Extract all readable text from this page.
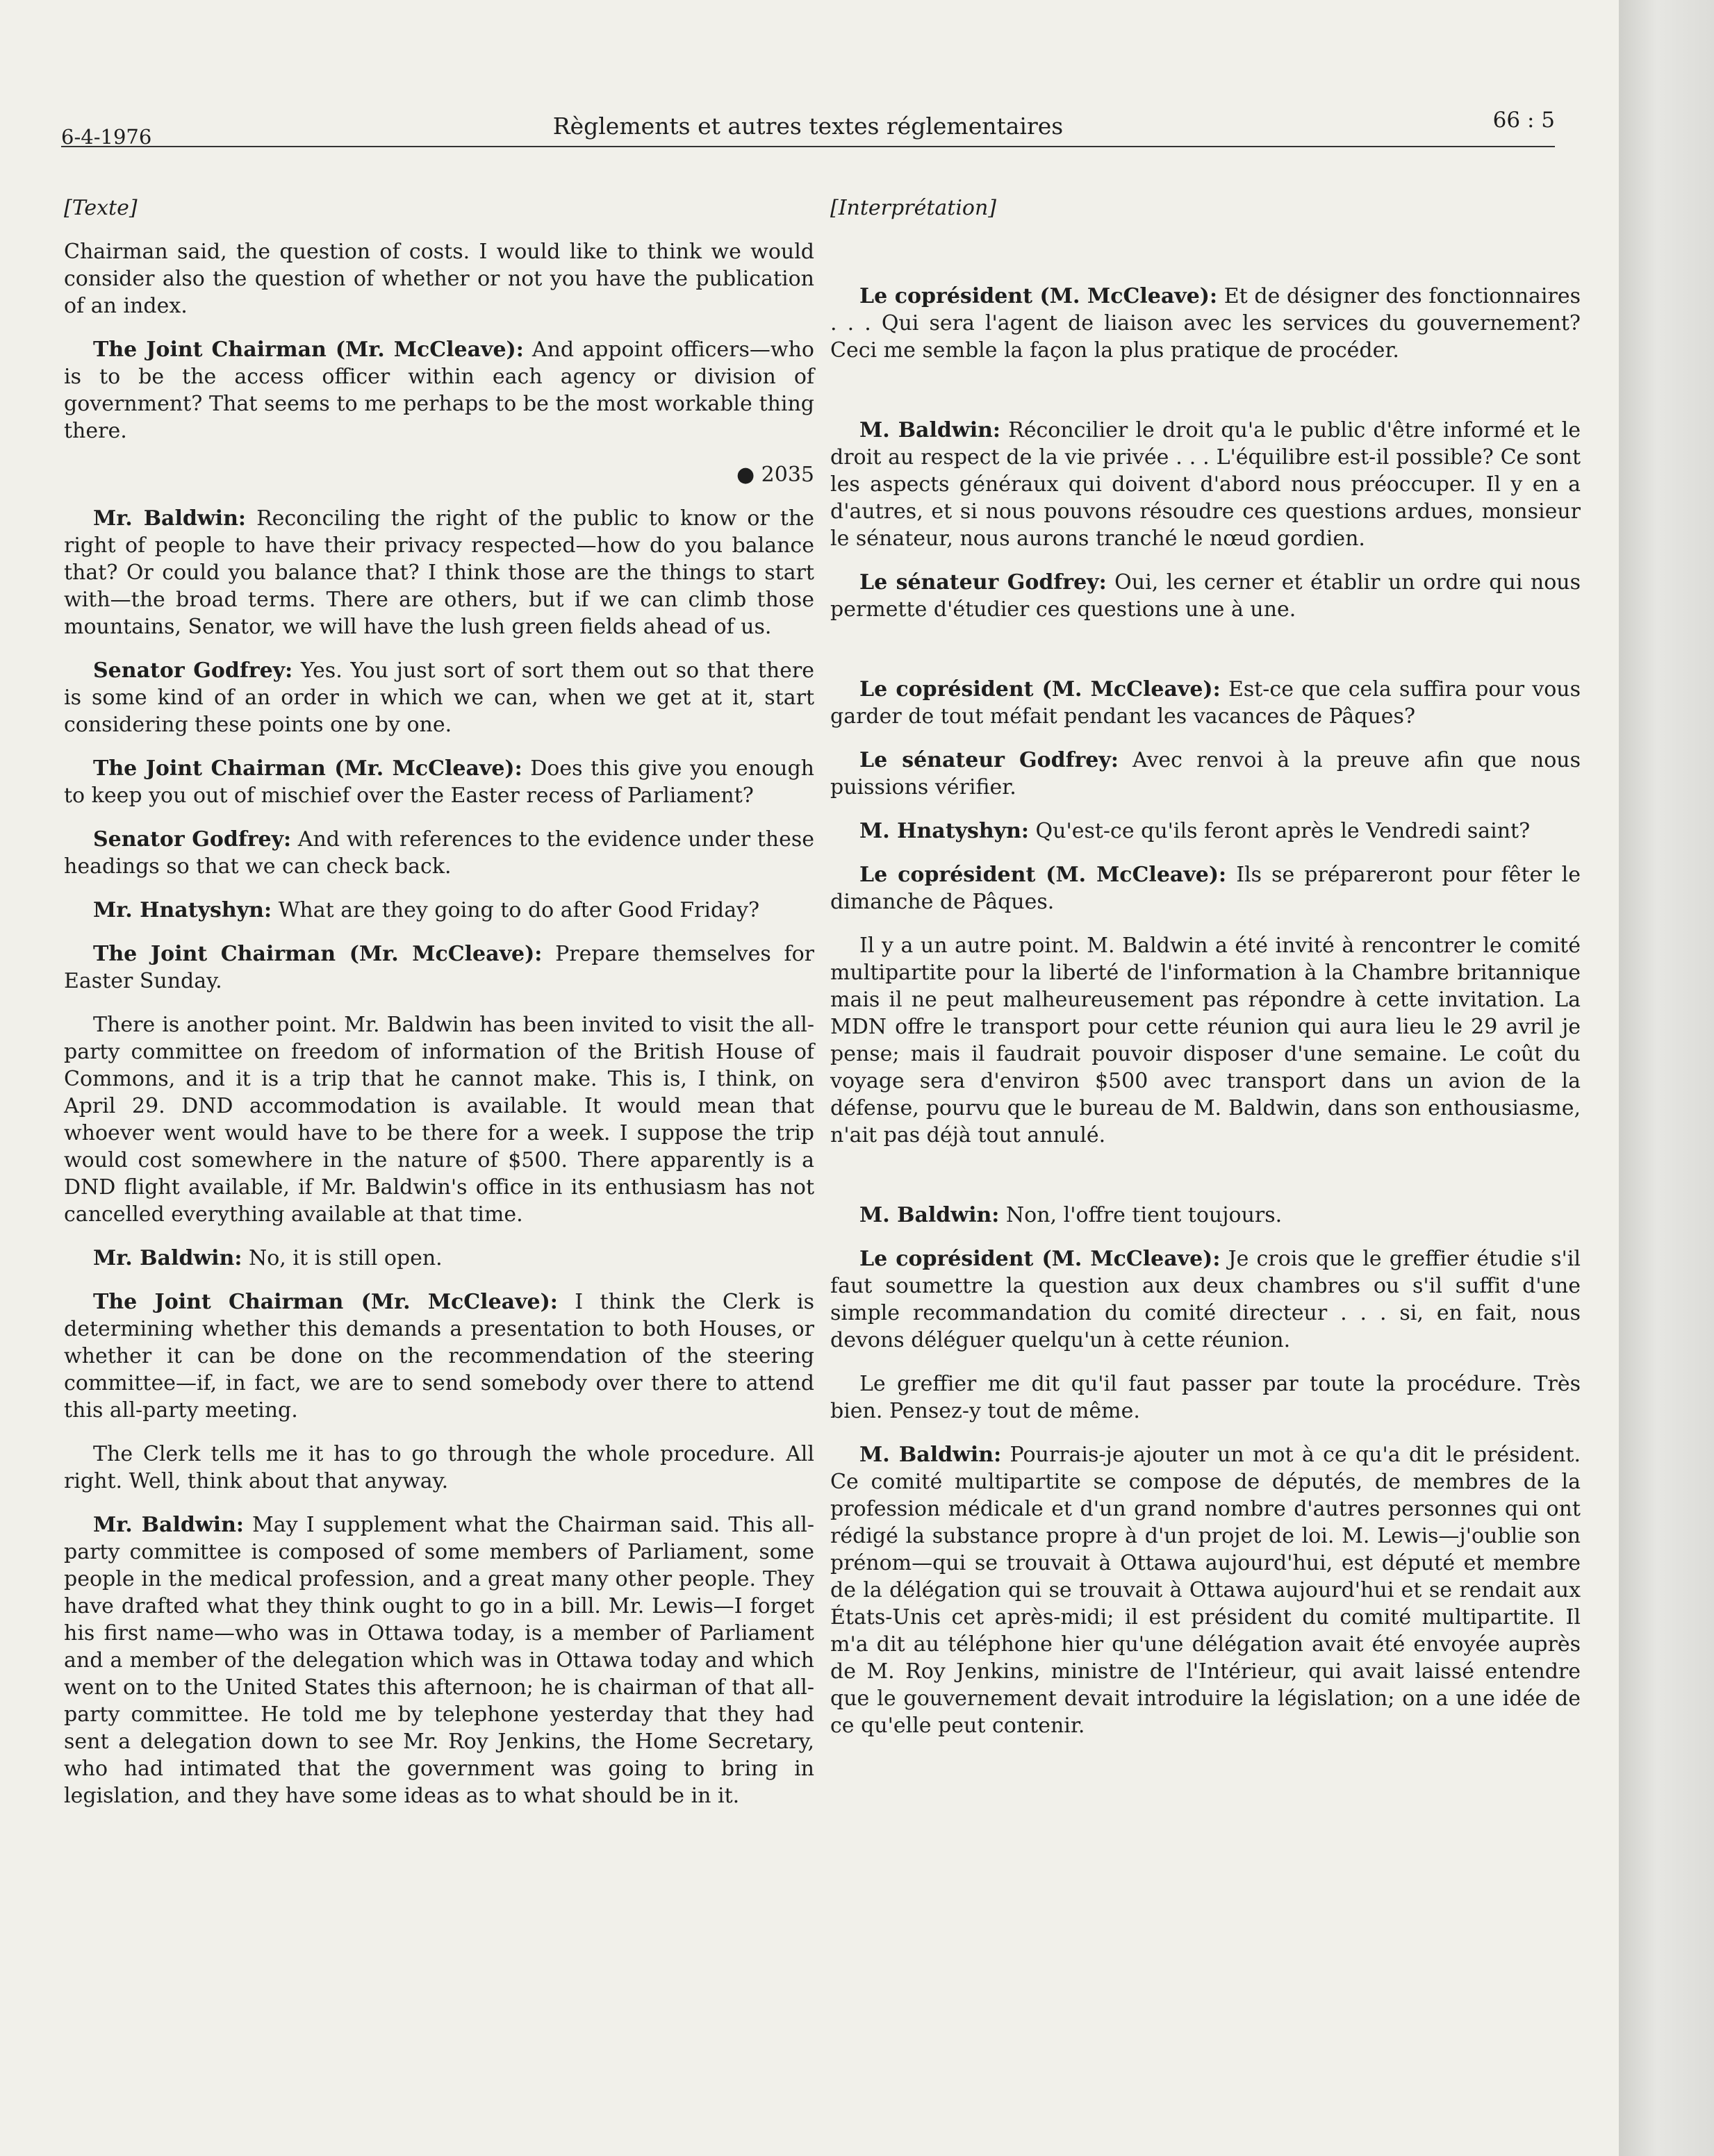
6-4-1976	Règlements et autres textes réglementaires	66 : 5

[Texte]

Chairman said, the question of costs. I would like to think we would consider also the question of whether or not you have the publication of an index.

The Joint Chairman (Mr. McCleave): And appoint officers—who is to be the access officer within each agency or division of government? That seems to me perhaps to be the most workable thing there.

● 2035

Mr. Baldwin: Reconciling the right of the public to know or the right of people to have their privacy respected—how do you balance that? Or could you balance that? I think those are the things to start with—the broad terms. There are others, but if we can climb those mountains, Senator, we will have the lush green fields ahead of us.

Senator Godfrey: Yes. You just sort of sort them out so that there is some kind of an order in which we can, when we get at it, start considering these points one by one.

The Joint Chairman (Mr. McCleave): Does this give you enough to keep you out of mischief over the Easter recess of Parliament?

Senator Godfrey: And with references to the evidence under these headings so that we can check back.

Mr. Hnatyshyn: What are they going to do after Good Friday?

The Joint Chairman (Mr. McCleave): Prepare themselves for Easter Sunday.

There is another point. Mr. Baldwin has been invited to visit the all-party committee on freedom of information of the British House of Commons, and it is a trip that he cannot make. This is, I think, on April 29. DND accommodation is available. It would mean that whoever went would have to be there for a week. I suppose the trip would cost somewhere in the nature of $500. There apparently is a DND flight available, if Mr. Baldwin's office in its enthusiasm has not cancelled everything available at that time.

Mr. Baldwin: No, it is still open.

The Joint Chairman (Mr. McCleave): I think the Clerk is determining whether this demands a presentation to both Houses, or whether it can be done on the recommendation of the steering committee—if, in fact, we are to send somebody over there to attend this all-party meeting.

The Clerk tells me it has to go through the whole procedure. All right. Well, think about that anyway.

Mr. Baldwin: May I supplement what the Chairman said. This all-party committee is composed of some members of Parliament, some people in the medical profession, and a great many other people. They have drafted what they think ought to go in a bill. Mr. Lewis—I forget his first name—who was in Ottawa today, is a member of Parliament and a member of the delegation which was in Ottawa today and which went on to the United States this afternoon; he is chairman of that all-party committee. He told me by telephone yesterday that they had sent a delegation down to see Mr. Roy Jenkins, the Home Secretary, who had intimated that the government was going to bring in legislation, and they have some ideas as to what should be in it.

[Interprétation]

Le coprésident (M. McCleave): Et de désigner des fonctionnaires . . . Qui sera l'agent de liaison avec les services du gouvernement? Ceci me semble la façon la plus pratique de procéder.

M. Baldwin: Réconcilier le droit qu'a le public d'être informé et le droit au respect de la vie privée . . . L'équilibre est-il possible? Ce sont les aspects généraux qui doivent d'abord nous préoccuper. Il y en a d'autres, et si nous pouvons résoudre ces questions ardues, monsieur le sénateur, nous aurons tranché le nœud gordien.

Le sénateur Godfrey: Oui, les cerner et établir un ordre qui nous permette d'étudier ces questions une à une.

Le coprésident (M. McCleave): Est-ce que cela suffira pour vous garder de tout méfait pendant les vacances de Pâques?

Le sénateur Godfrey: Avec renvoi à la preuve afin que nous puissions vérifier.

M. Hnatyshyn: Qu'est-ce qu'ils feront après le Vendredi saint?

Le coprésident (M. McCleave): Ils se prépareront pour fêter le dimanche de Pâques.

Il y a un autre point. M. Baldwin a été invité à rencontrer le comité multipartite pour la liberté de l'information à la Chambre britannique mais il ne peut malheureusement pas répondre à cette invitation. La MDN offre le transport pour cette réunion qui aura lieu le 29 avril je pense; mais il faudrait pouvoir disposer d'une semaine. Le coût du voyage sera d'environ $500 avec transport dans un avion de la défense, pourvu que le bureau de M. Baldwin, dans son enthousiasme, n'ait pas déjà tout annulé.

M. Baldwin: Non, l'offre tient toujours.

Le coprésident (M. McCleave): Je crois que le greffier étudie s'il faut soumettre la question aux deux chambres ou s'il suffit d'une simple recommandation du comité directeur . . . si, en fait, nous devons déléguer quelqu'un à cette réunion.

Le greffier me dit qu'il faut passer par toute la procédure. Très bien. Pensez-y tout de même.

M. Baldwin: Pourrais-je ajouter un mot à ce qu'a dit le président. Ce comité multipartite se compose de députés, de membres de la profession médicale et d'un grand nombre d'autres personnes qui ont rédigé la substance propre à d'un projet de loi. M. Lewis—j'oublie son prénom—qui se trouvait à Ottawa aujourd'hui, est député et membre de la délégation qui se trouvait à Ottawa aujourd'hui et se rendait aux États-Unis cet après-midi; il est président du comité multipartite. Il m'a dit au téléphone hier qu'une délégation avait été envoyée auprès de M. Roy Jenkins, ministre de l'Intérieur, qui avait laissé entendre que le gouvernement devait introduire la législation; on a une idée de ce qu'elle peut contenir.
